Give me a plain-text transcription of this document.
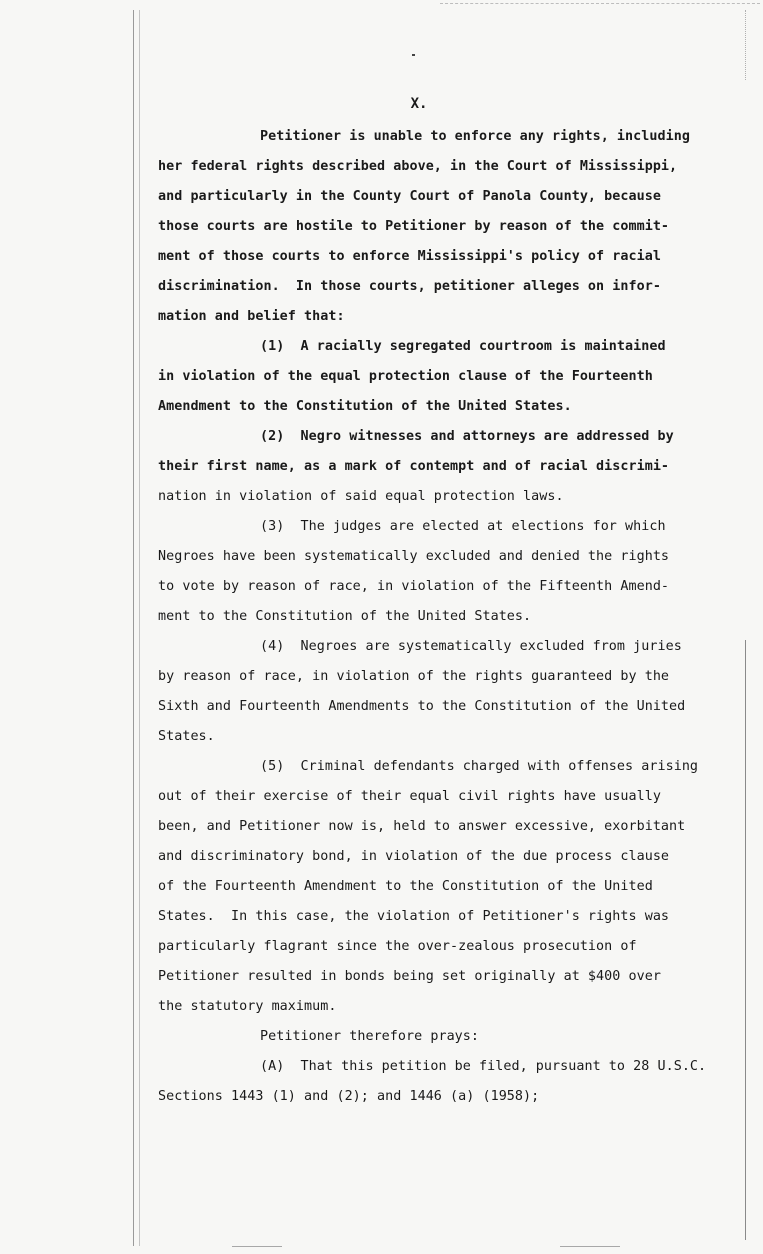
X.
Petitioner is unable to enforce any rights, including
her federal rights described above, in the Court of Mississippi,
and particularly in the County Court of Panola County, because
those courts are hostile to Petitioner by reason of the commit-
ment of those courts to enforce Mississippi's policy of racial
discrimination.  In those courts, petitioner alleges on infor-
mation and belief that:
(1)  A racially segregated courtroom is maintained
in violation of the equal protection clause of the Fourteenth
Amendment to the Constitution of the United States.
(2)  Negro witnesses and attorneys are addressed by
their first name, as a mark of contempt and of racial discrimi-
nation in violation of said equal protection laws.
(3)  The judges are elected at elections for which
Negroes have been systematically excluded and denied the rights
to vote by reason of race, in violation of the Fifteenth Amend-
ment to the Constitution of the United States.
(4)  Negroes are systematically excluded from juries
by reason of race, in violation of the rights guaranteed by the
Sixth and Fourteenth Amendments to the Constitution of the United
States.
(5)  Criminal defendants charged with offenses arising
out of their exercise of their equal civil rights have usually
been, and Petitioner now is, held to answer excessive, exorbitant
and discriminatory bond, in violation of the due process clause
of the Fourteenth Amendment to the Constitution of the United
States.  In this case, the violation of Petitioner's rights was
particularly flagrant since the over-zealous prosecution of
Petitioner resulted in bonds being set originally at $400 over
the statutory maximum.
Petitioner therefore prays:
(A)  That this petition be filed, pursuant to 28 U.S.C.
Sections 1443 (1) and (2); and 1446 (a) (1958);
